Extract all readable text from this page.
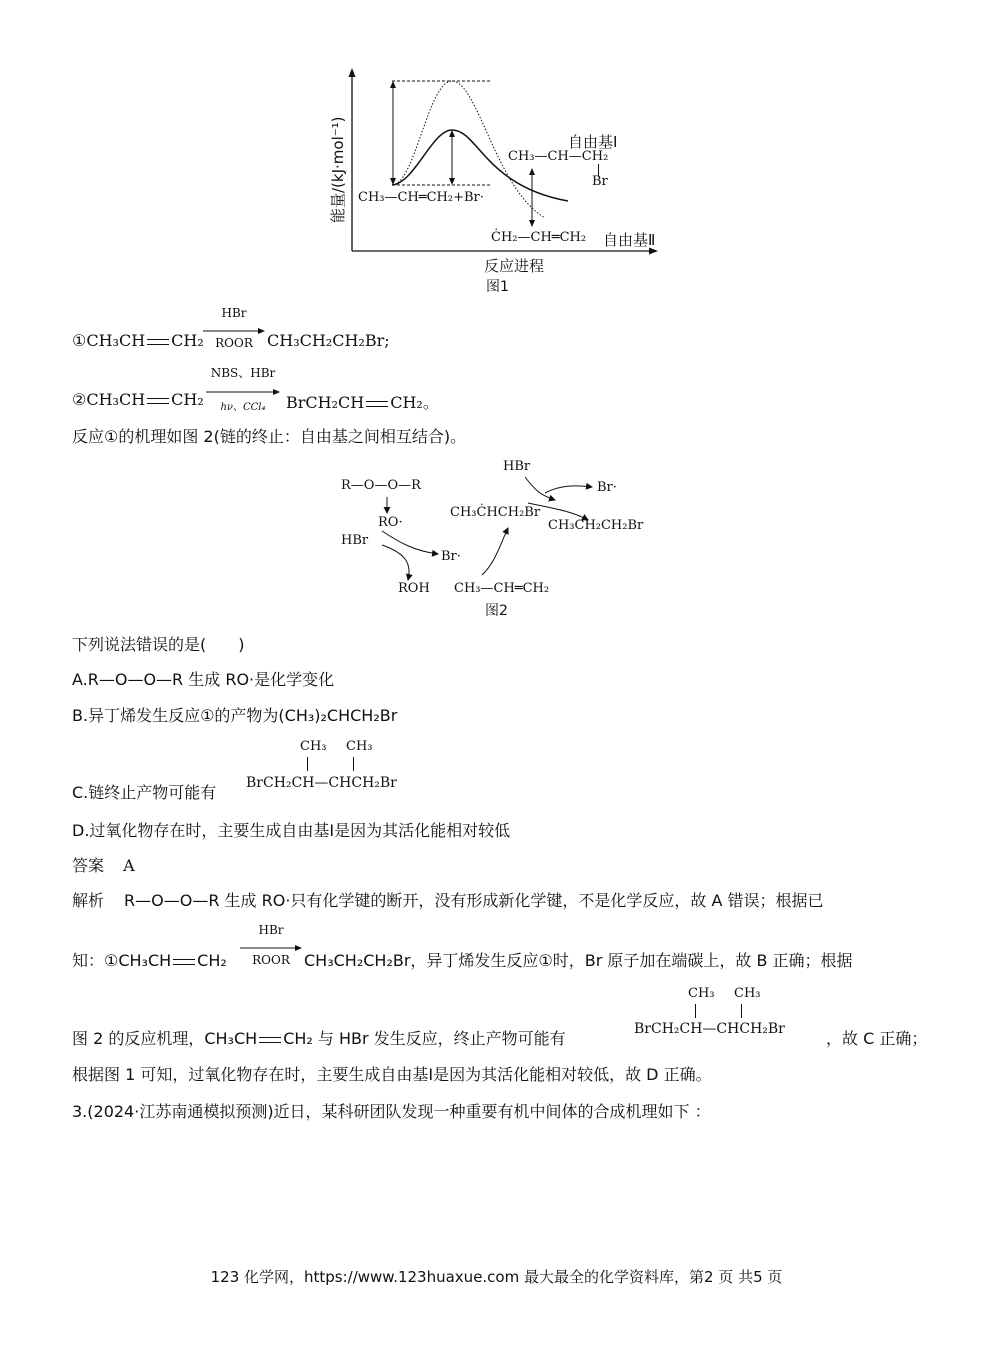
能量/(kJ·mol⁻¹) CH₃—CH═CH₂+Br·
自由基Ⅰ
CH₃—CH—CH₂
Br
ĊH₂—CH═CH₂ 自由基Ⅱ
反应进程
图1
①CH₃CH CH₂
HBr
ROOR CH₃CH₂CH₂Br;
②CH₃CH CH₂
NBS、HBr
hν、CCl₄	BrCH₂CH CH₂。
反应①的机理如图 2(链的终止：自由基之间相互结合)。
R—O—O—R
RO·
HBr
Br·
ROH CH₃—CH═CH₂
图2
HBr
CH₃ĊHCH₂Br
Br·
CH₃CH₂CH₂Br
下列说法错误的是(　　)
A.R—O—O—R 生成 RO·是化学变化
B.异丁烯发生反应①的产物为(CH₃)₂CHCH₂Br
C.链终止产物可能有
CH₃ CH₃
BrCH₂CH—CHCH₂Br
D.过氧化物存在时，主要生成自由基Ⅰ是因为其活化能相对较低
答案 A
解析 R—O—O—R 生成 RO·只有化学键的断开，没有形成新化学键，不是化学反应，故 A 错误；根据已
知：①CH₃CH CH₂
HBr
ROOR CH₃CH₂CH₂Br，异丁烯发生反应①时，Br 原子加在端碳上，故 B 正确；根据
图 2 的反应机理，CH₃CH CH₂ 与 HBr 发生反应，终止产物可能有
CH₃ CH₃
BrCH₂CH—CHCH₂Br	，故 C 正确；
根据图 1 可知，过氧化物存在时，主要生成自由基Ⅰ是因为其活化能相对较低，故 D 正确。
3.(2024·江苏南通模拟预测)近日，某科研团队发现一种重要有机中间体的合成机理如下 ：
123 化学网，https://www.123huaxue.com 最大最全的化学资料库，第2 页 共5 页
